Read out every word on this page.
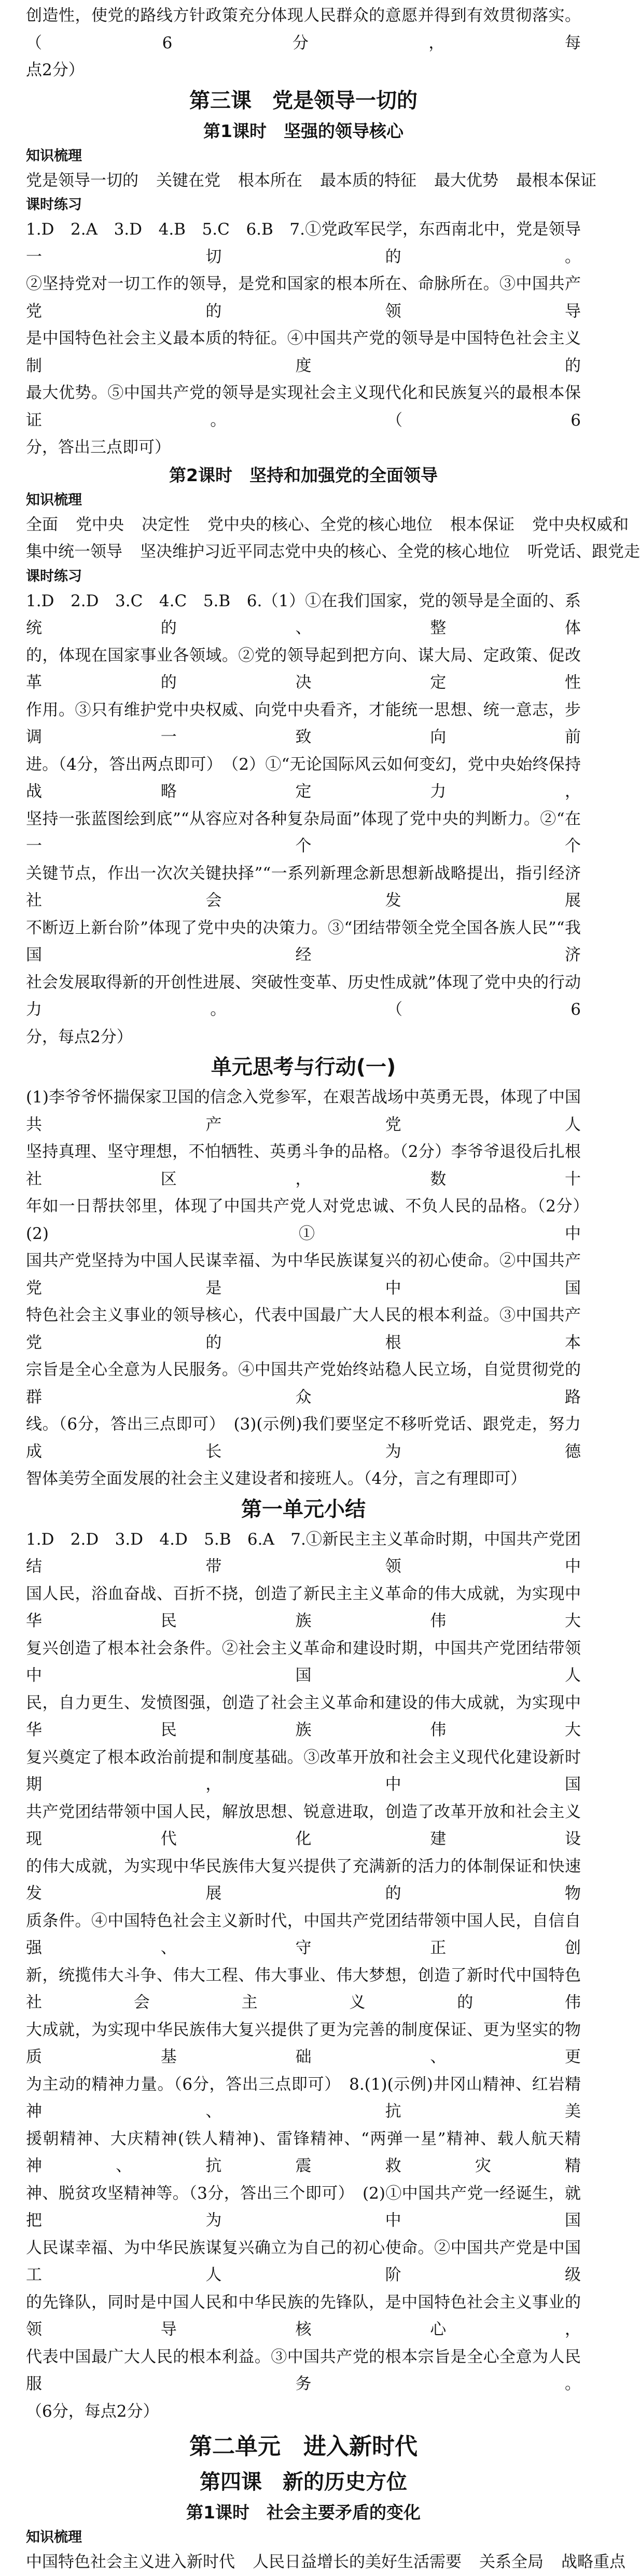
创造性，使党的路线方针政策充分体现人民群众的意愿并得到有效贯彻落实。（6分，每

点2分）

第三课　党是领导一切的
第1课时　坚强的领导核心
知识梳理
党是领导一切的 关键在党 根本所在 最本质的特征 最大优势 最根本保证
课时练习

1.D　2.A　3.D　4.B　5.C　6.B　7.①党政军民学，东西南北中，党是领导一切的。

②坚持党对一切工作的领导，是党和国家的根本所在、命脉所在。③中国共产党的领导

是中国特色社会主义最本质的特征。④中国共产党的领导是中国特色社会主义制度的

最大优势。⑤中国共产党的领导是实现社会主义现代化和民族复兴的最根本保证。（6

分，答出三点即可）

第2课时　坚持和加强党的全面领导
知识梳理
全面 党中央 决定性 党中央的核心、全党的核心地位 根本保证 党中央权威和
集中统一领导 坚决维护习近平同志党中央的核心、全党的核心地位 听党话、跟党走
课时练习

1.D　2.D　3.C　4.C　5.B　6.（1）①在我们国家，党的领导是全面的、系统的、整体

的，体现在国家事业各领域。②党的领导起到把方向、谋大局、定政策、促改革的决定性

作用。③只有维护党中央权威、向党中央看齐，才能统一思想、统一意志，步调一致向前

进。（4分，答出两点即可）　（2）①“无论国际风云如何变幻，党中央始终保持战略定力，

坚持一张蓝图绘到底”“从容应对各种复杂局面”体现了党中央的判断力。②“在一个个

关键节点，作出一次次关键抉择”“一系列新理念新思想新战略提出，指引经济社会发展

不断迈上新台阶”体现了党中央的决策力。③“团结带领全党全国各族人民”“我国经济

社会发展取得新的开创性进展、突破性变革、历史性成就”体现了党中央的行动力。（6

分，每点2分）

单元思考与行动(一)

(1)李爷爷怀揣保家卫国的信念入党参军，在艰苦战场中英勇无畏，体现了中国共产党人

坚持真理、坚守理想，不怕牺牲、英勇斗争的品格。（2分）李爷爷退役后扎根社区，数十

年如一日帮扶邻里，体现了中国共产党人对党忠诚、不负人民的品格。（2分）　(2)①中

国共产党坚持为中国人民谋幸福、为中华民族谋复兴的初心使命。②中国共产党是中国

特色社会主义事业的领导核心，代表中国最广大人民的根本利益。③中国共产党的根本

宗旨是全心全意为人民服务。④中国共产党始终站稳人民立场，自觉贯彻党的群众路

线。（6分，答出三点即可）　(3)(示例)我们要坚定不移听党话、跟党走，努力成长为德

智体美劳全面发展的社会主义建设者和接班人。（4分，言之有理即可）

第一单元小结

1.D　2.D　3.D　4.D　5.B　6.A　7.①新民主主义革命时期，中国共产党团结带领中

国人民，浴血奋战、百折不挠，创造了新民主主义革命的伟大成就，为实现中华民族伟大

复兴创造了根本社会条件。②社会主义革命和建设时期，中国共产党团结带领中国人

民，自力更生、发愤图强，创造了社会主义革命和建设的伟大成就，为实现中华民族伟大

复兴奠定了根本政治前提和制度基础。③改革开放和社会主义现代化建设新时期，中国

共产党团结带领中国人民，解放思想、锐意进取，创造了改革开放和社会主义现代化建设

的伟大成就，为实现中华民族伟大复兴提供了充满新的活力的体制保证和快速发展的物

质条件。④中国特色社会主义新时代，中国共产党团结带领中国人民，自信自强、守正创

新，统揽伟大斗争、伟大工程、伟大事业、伟大梦想，创造了新时代中国特色社会主义的伟

大成就，为实现中华民族伟大复兴提供了更为完善的制度保证、更为坚实的物质基础、更

为主动的精神力量。（6分，答出三点即可）　8.(1)(示例)井冈山精神、红岩精神、抗美

援朝精神、大庆精神(铁人精神)、雷锋精神、“两弹一星”精神、载人航天精神、抗震救灾精

神、脱贫攻坚精神等。（3分，答出三个即可）　(2)①中国共产党一经诞生，就把为中国

人民谋幸福、为中华民族谋复兴确立为自己的初心使命。②中国共产党是中国工人阶级

的先锋队，同时是中国人民和中华民族的先锋队，是中国特色社会主义事业的领导核心，

代表中国最广大人民的根本利益。③中国共产党的根本宗旨是全心全意为人民服务。

（6分，每点2分）

第二单元　进入新时代
第四课　新的历史方位
第1课时　社会主要矛盾的变化
知识梳理
中国特色社会主义进入新时代 人民日益增长的美好生活需要 关系全局 战略重点
